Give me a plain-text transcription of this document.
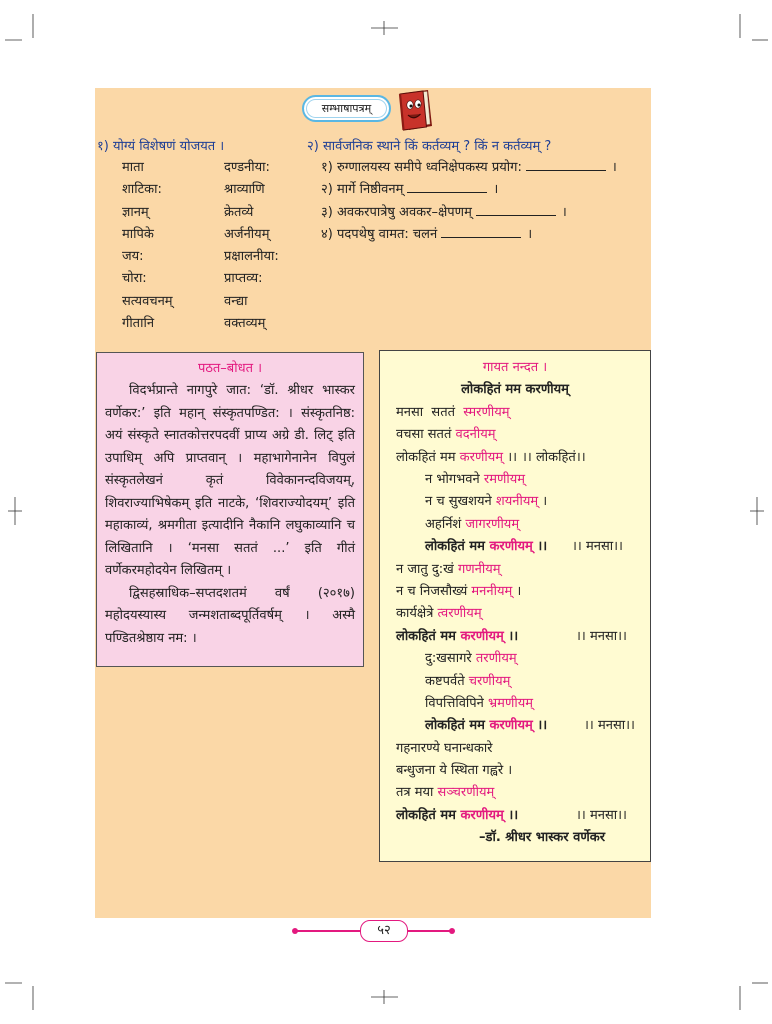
सम्भाषापत्रम्
१) योग्यं विशेषणं योजयत ।
माता	दण्डनीया:
शाटिका:	श्राव्याणि
ज्ञानम्	क्रेतव्ये
मापिके	अर्जनीयम्
जय:	प्रक्षालनीया:
चोरा:	प्राप्तव्य:
सत्यवचनम्	वन्द्या
गीतानि	वक्तव्यम्
२) सार्वजनिक स्थाने किं कर्तव्यम् ? किं न कर्तव्यम् ?
१) रुग्णालयस्य समीपे ध्वनिक्षेपकस्य प्रयोग:	।
२) मार्गे निष्ठीवनम्	।
३) अवकरपात्रेषु अवकर–क्षेपणम्	।
४) पदपथेषु वामत: चलनं	।
पठत–बोधत ।

विदर्भप्रान्ते नागपुरे जात: ‘डॉ. श्रीधर भास्कर वर्णेकर:’ इति महान् संस्कृतपण्डित: । संस्कृतनिष्ठ: अयं संस्कृते स्नातकोत्तरपदवीं प्राप्य अग्रे डी. लिट् इति उपाधिम् अपि प्राप्तवान् । महाभागेनानेन विपुलं संस्कृतलेखनं कृतं विवेकानन्दविजयम्, शिवराज्याभिषेकम् इति नाटके, ‘शिवराज्योदयम्’ इति महाकाव्यं, श्रमगीता इत्यादीनि नैकानि लघुकाव्यानि च लिखितानि । ‘मनसा सततं ...’ इति गीतं वर्णेकरमहोदयेन लिखितम् ।

द्विसहस्राधिक–सप्तदशतमं वर्षं (२०१७) महोदयस्यास्य जन्मशताब्दपूर्तिवर्षम् । अस्मै पण्डितश्रेष्ठाय नम: ।

गायत नन्दत ।
लोकहितं मम करणीयम्
मनसा  सततं  स्मरणीयम्
वचसा सततं वदनीयम्
लोकहितं मम करणीयम् ।। ।। लोकहितं।।
न भोगभवने रमणीयम्
न च सुखशयने शयनीयम् ।
अहर्निशं जागरणीयम्
लोकहितं मम करणीयम् ।। ।। मनसा।।
न जातु दु:खं गणनीयम्
न च निजसौख्यं मननीयम् ।
कार्यक्षेत्रे त्वरणीयम्
लोकहितं मम करणीयम् ।।	।। मनसा।।
दु:खसागरे तरणीयम्
कष्टपर्वते चरणीयम्
विपत्तिविपिने भ्रमणीयम्
लोकहितं मम करणीयम् ।।	।। मनसा।।
गहनारण्ये घनान्धकारे
बन्धुजना ये स्थिता गह्वरे ।
तत्र मया सञ्चरणीयम्
लोकहितं मम करणीयम् ।।	।। मनसा।।
–डॉ. श्रीधर भास्कर वर्णेकर
५२
